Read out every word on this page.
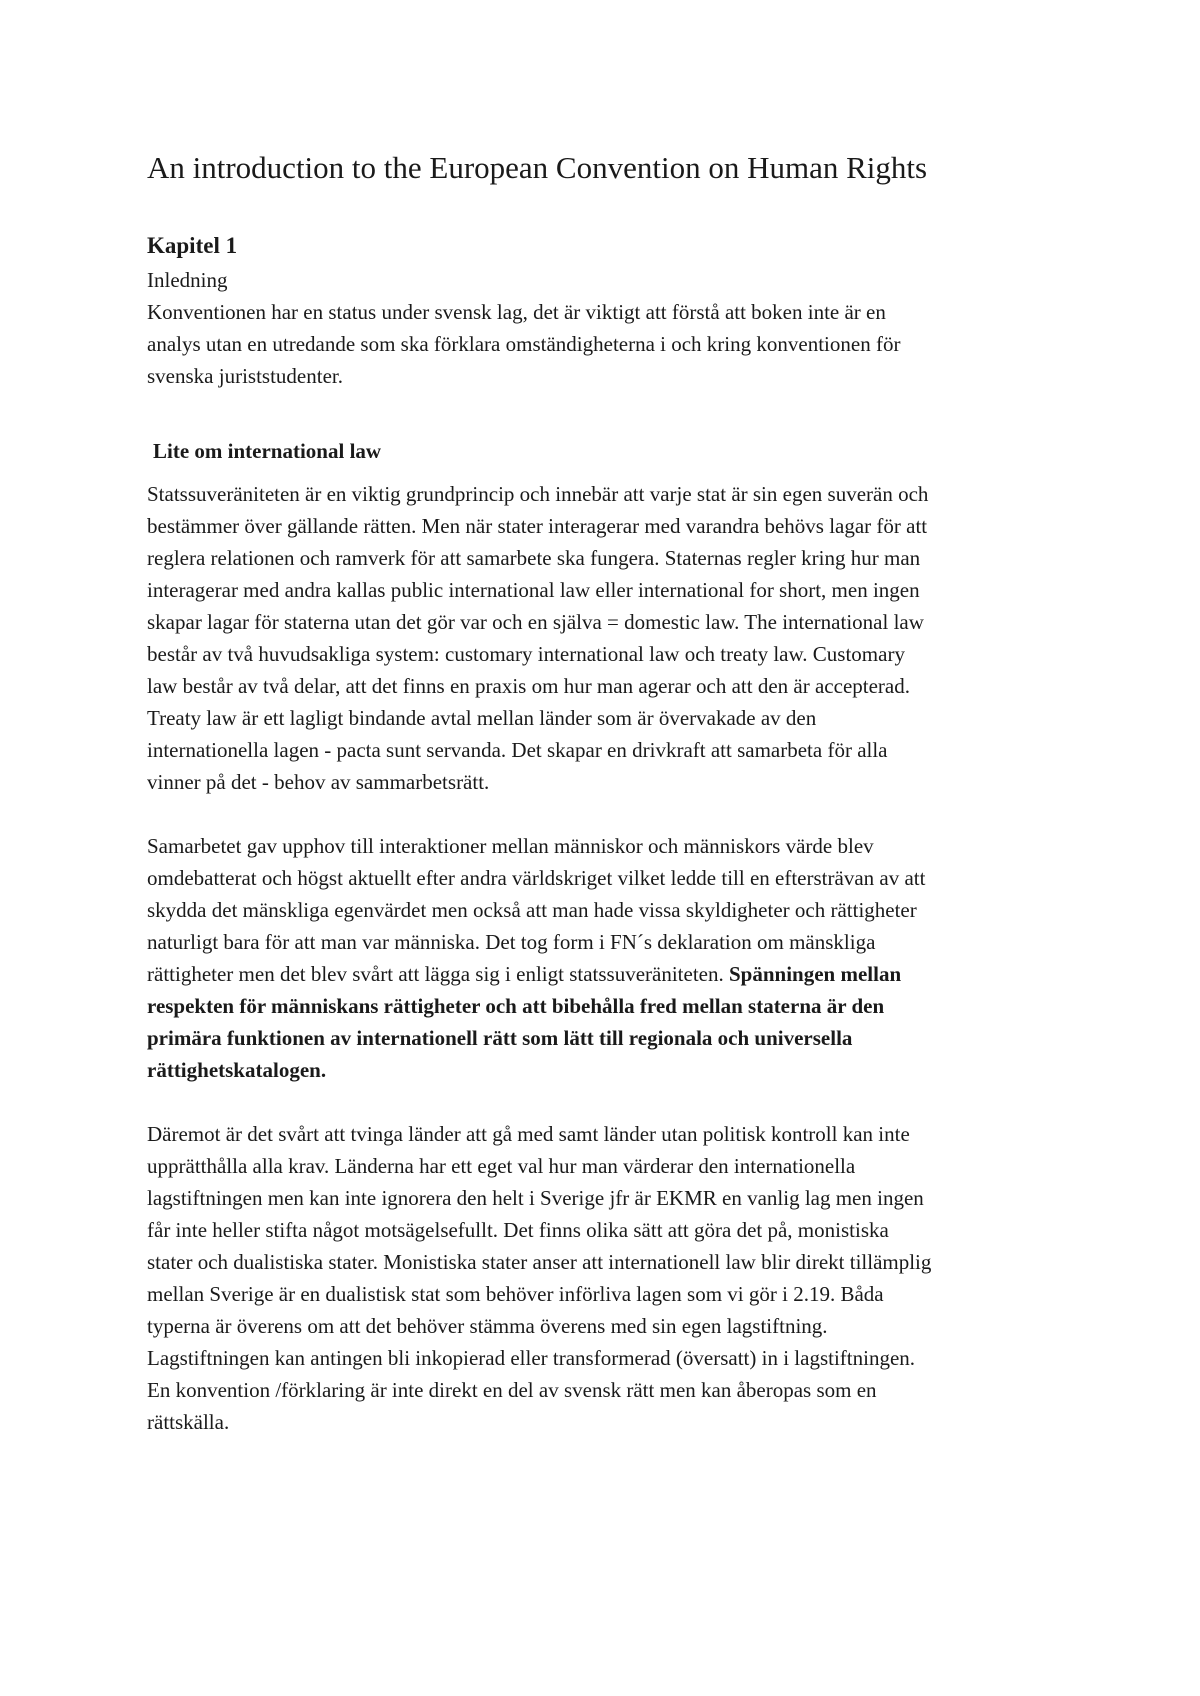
An introduction to the European Convention on Human Rights
Kapitel 1
Inledning
Konventionen har en status under svensk lag, det är viktigt att förstå att boken inte är en
analys utan en utredande som ska förklara omständigheterna i och kring konventionen för
svenska juriststudenter.
Lite om international law
Statssuveräniteten är en viktig grundprincip och innebär att varje stat är sin egen suverän och
bestämmer över gällande rätten. Men när stater interagerar med varandra behövs lagar för att
reglera relationen och ramverk för att samarbete ska fungera. Staternas regler kring hur man
interagerar med andra kallas public international law eller international for short, men ingen
skapar lagar för staterna utan det gör var och en själva = domestic law. The international law
består av två huvudsakliga system: customary international law och treaty law. Customary
law består av två delar, att det finns en praxis om hur man agerar och att den är accepterad.
Treaty law är ett lagligt bindande avtal mellan länder som är övervakade av den
internationella lagen - pacta sunt servanda. Det skapar en drivkraft att samarbeta för alla
vinner på det - behov av sammarbetsrätt.
Samarbetet gav upphov till interaktioner mellan människor och människors värde blev
omdebatterat och högst aktuellt efter andra världskriget vilket ledde till en eftersträvan av att
skydda det mänskliga egenvärdet men också att man hade vissa skyldigheter och rättigheter
naturligt bara för att man var människa. Det tog form i FN´s deklaration om mänskliga
rättigheter men det blev svårt att lägga sig i enligt statssuveräniteten. Spänningen mellan
respekten för människans rättigheter och att bibehålla fred mellan staterna är den
primära funktionen av internationell rätt som lätt till regionala och universella
rättighetskatalogen.
Däremot är det svårt att tvinga länder att gå med samt länder utan politisk kontroll kan inte
upprätthålla alla krav. Länderna har ett eget val hur man värderar den internationella
lagstiftningen men kan inte ignorera den helt i Sverige jfr är EKMR en vanlig lag men ingen
får inte heller stifta något motsägelsefullt. Det finns olika sätt att göra det på, monistiska
stater och dualistiska stater. Monistiska stater anser att internationell law blir direkt tillämplig
mellan Sverige är en dualistisk stat som behöver införliva lagen som vi gör i 2.19. Båda
typerna är överens om att det behöver stämma överens med sin egen lagstiftning.
Lagstiftningen kan antingen bli inkopierad eller transformerad (översatt) in i lagstiftningen.
En konvention /förklaring är inte direkt en del av svensk rätt men kan åberopas som en
rättskälla.
